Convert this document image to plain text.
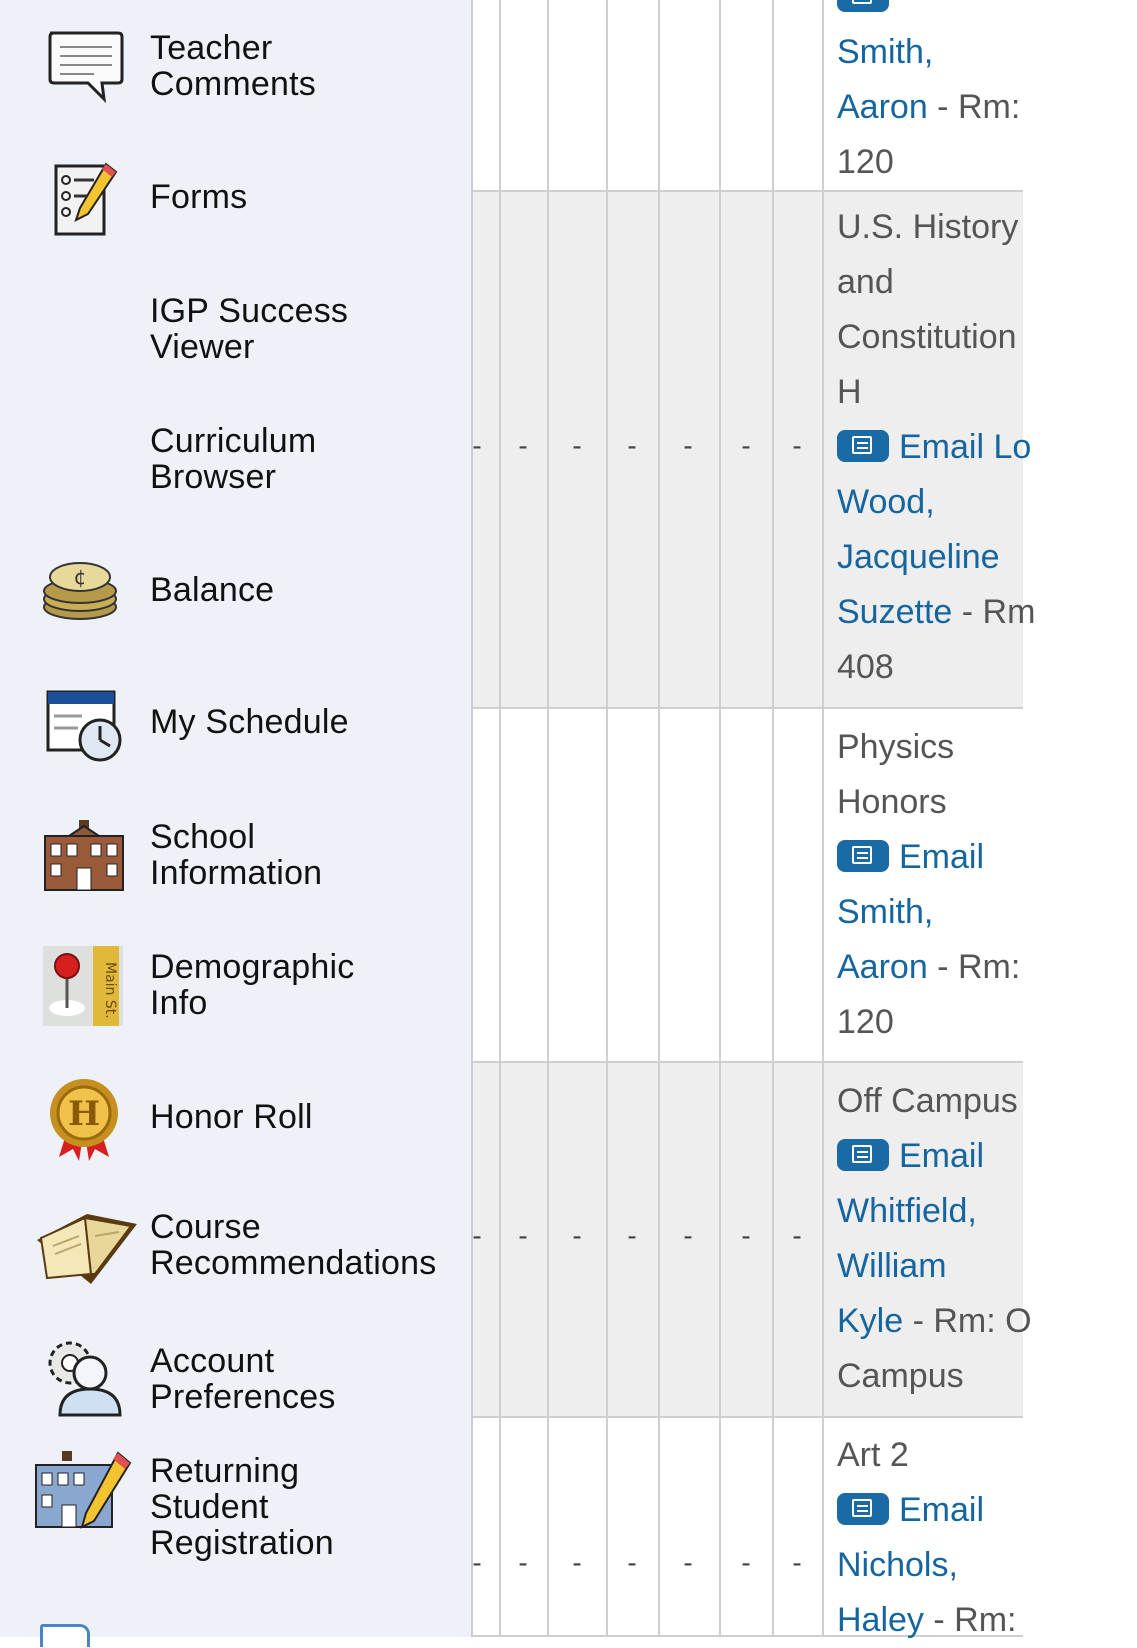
Teacher
Comments
Forms
IGP Success
Viewer
Curriculum
Browser
¢ Balance
My Schedule
School
Information
Main St. Demographic
Info
H Honor Roll
Course
Recommendations
Account
Preferences
Returning
Student
Registration
- - - - - - -
- - - - - - -
- - - - - - -

Smith,
Aaron - Rm:
120
U.S. History
and
Constitution
H
Email Lo
Wood,
Jacqueline
Suzette - Rm
408
Physics
Honors
Email
Smith,
Aaron - Rm:
120
Off Campus
Email
Whitfield,
William
Kyle - Rm: O
Campus
Art 2
Email
Nichols,
Haley - Rm:
